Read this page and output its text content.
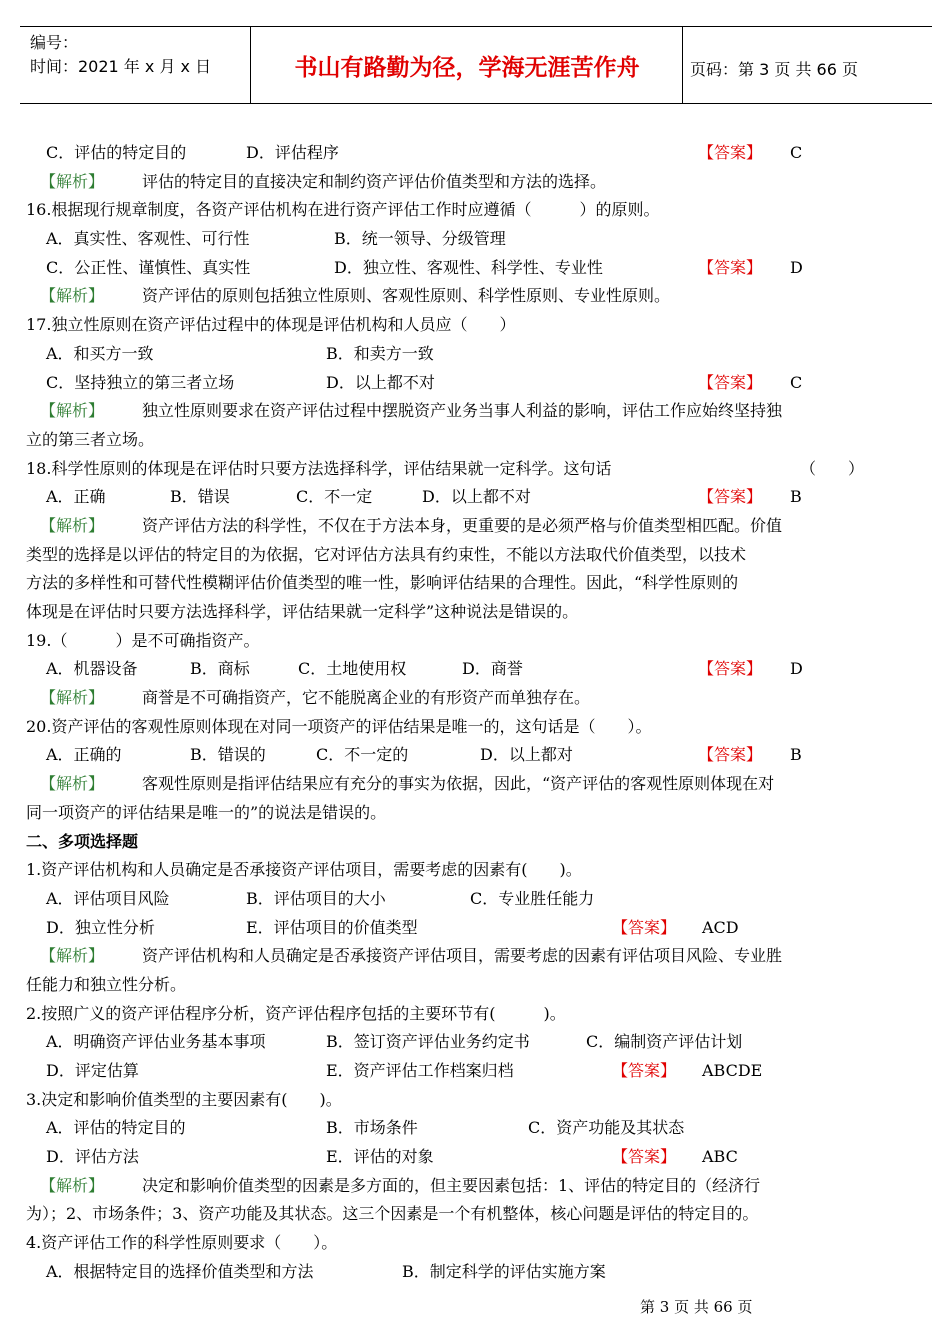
编号：
时间：2021 年 x 月 x 日	书山有路勤为径，学海无涯苦作舟	页码：第 3 页 共 66 页
C．评估的特定目的	D．评估程序	【答案】 C
【解析】 评估的特定目的直接决定和制约资产评估价值类型和方法的选择。
16.根据现行规章制度，各资产评估机构在进行资产评估工作时应遵循（　　　）的原则。
A．真实性、客观性、可行性	B．统一领导、分级管理
C．公正性、谨慎性、真实性	D．独立性、客观性、科学性、专业性	【答案】 D
【解析】 资产评估的原则包括独立性原则、客观性原则、科学性原则、专业性原则。
17.独立性原则在资产评估过程中的体现是评估机构和人员应（　　）
A．和买方一致	B．和卖方一致
C．坚持独立的第三者立场	D．以上都不对	【答案】 C
【解析】 独立性原则要求在资产评估过程中摆脱资产业务当事人利益的影响，评估工作应始终坚持独
立的第三者立场。
18.科学性原则的体现是在评估时只要方法选择科学，评估结果就一定科学。这句话	（　　）
A．正确	B．错误	C．不一定	D．以上都不对	【答案】 B
【解析】 资产评估方法的科学性，不仅在于方法本身，更重要的是必须严格与价值类型相匹配。价值
类型的选择是以评估的特定目的为依据，它对评估方法具有约束性，不能以方法取代价值类型，以技术
方法的多样性和可替代性模糊评估价值类型的唯一性，影响评估结果的合理性。因此，“科学性原则的
体现是在评估时只要方法选择科学，评估结果就一定科学”这种说法是错误的。
19.（　　　）是不可确指资产。
A．机器设备	B．商标	C．土地使用权	D．商誉	【答案】 D
【解析】 商誉是不可确指资产，它不能脱离企业的有形资产而单独存在。
20.资产评估的客观性原则体现在对同一项资产的评估结果是唯一的，这句话是（　　）。
A．正确的	B．错误的	C．不一定的	D．以上都对	【答案】 B
【解析】 客观性原则是指评估结果应有充分的事实为依据，因此，“资产评估的客观性原则体现在对
同一项资产的评估结果是唯一的”的说法是错误的。
二、多项选择题
1.资产评估机构和人员确定是否承接资产评估项目，需要考虑的因素有(　　)。
A．评估项目风险	B．评估项目的大小	C．专业胜任能力
D．独立性分析	E．评估项目的价值类型	【答案】 ACD
【解析】 资产评估机构和人员确定是否承接资产评估项目，需要考虑的因素有评估项目风险、专业胜
任能力和独立性分析。
2.按照广义的资产评估程序分析，资产评估程序包括的主要环节有(　　　)。
A．明确资产评估业务基本事项	B．签订资产评估业务约定书	C．编制资产评估计划
D．评定估算	E．资产评估工作档案归档	【答案】 ABCDE
3.决定和影响价值类型的主要因素有(　　)。
A．评估的特定目的	B．市场条件	C．资产功能及其状态
D．评估方法	E．评估的对象	【答案】 ABC
【解析】 决定和影响价值类型的因素是多方面的，但主要因素包括：1、评估的特定目的（经济行
为）；2、市场条件；3、资产功能及其状态。这三个因素是一个有机整体，核心问题是评估的特定目的。
4.资产评估工作的科学性原则要求（　　）。
A．根据特定目的选择价值类型和方法	B．制定科学的评估实施方案
第 3 页 共 66 页
